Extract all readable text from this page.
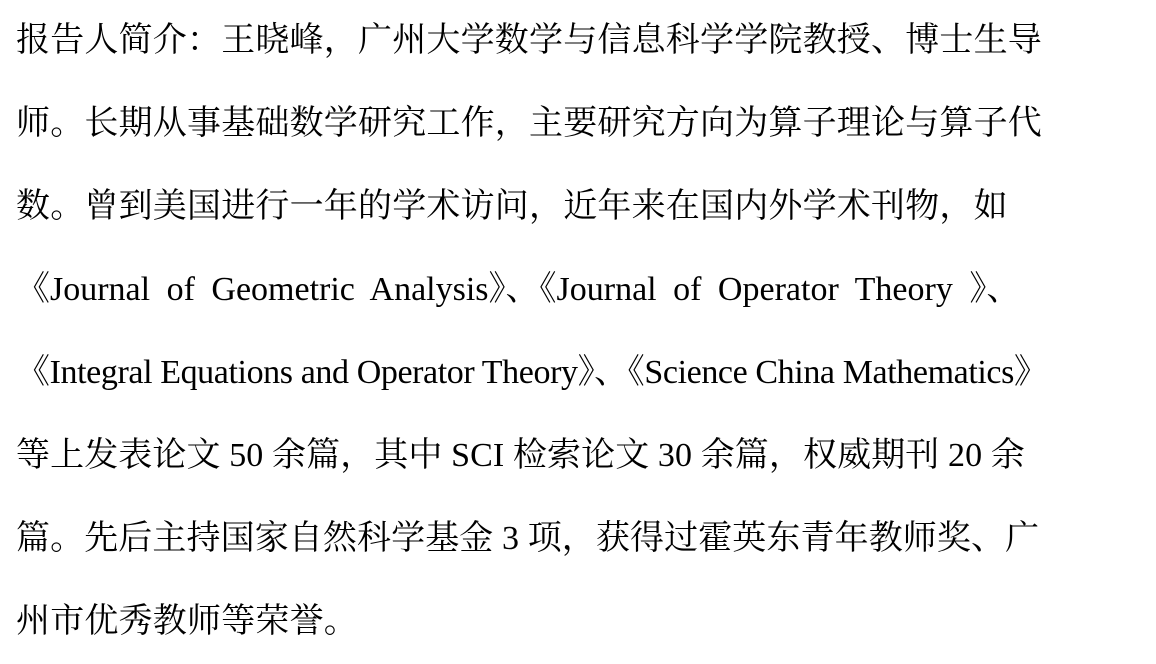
报告人简介：王晓峰，广州大学数学与信息科学学院教授、博士生导
师。长期从事基础数学研究工作，主要研究方向为算子理论与算子代
数。曾到美国进行一年的学术访问，近年来在国内外学术刊物，如
《Journal of Geometric Analysis》、《Journal of Operator Theory 》、
《Integral Equations and Operator Theory》、《Science China Mathematics》
等上发表论文 50 余篇，其中 SCI 检索论文 30 余篇，权威期刊 20 余
篇。先后主持国家自然科学基金 3 项，获得过霍英东青年教师奖、广
州市优秀教师等荣誉。
